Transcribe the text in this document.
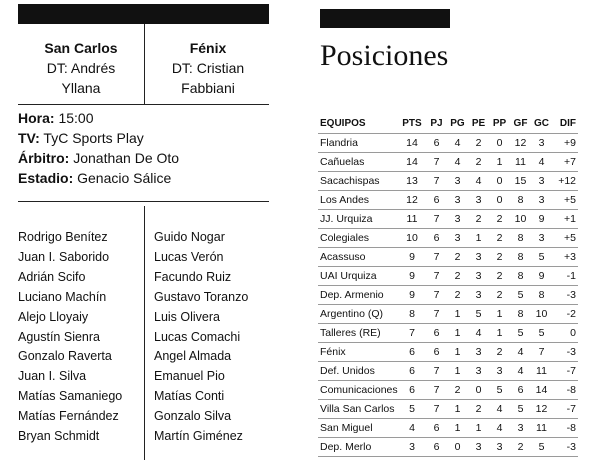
San Carlos
DT: Andrés
Yllana
Fénix
DT: Cristian
Fabbiani
Hora: 15:00
TV: TyC Sports Play
Árbitro: Jonathan De Oto
Estadio: Genacio Sálice
Rodrigo Benítez
Juan I. Saborido
Adrián Scifo
Luciano Machín
Alejo Lloyaiy
Agustín Sienra
Gonzalo Raverta
Juan I. Silva
Matías Samaniego
Matías Fernández
Bryan Schmidt
Guido Nogar
Lucas Verón
Facundo Ruiz
Gustavo Toranzo
Luis Olivera
Lucas Comachi
Angel Almada
Emanuel Pio
Matías Conti
Gonzalo Silva
Martín Giménez
Posiciones
EQUIPOS	PTS	PJ	PG	PE	PP	GF	GC	DIF
Flandria	14	6	4	2	0	12	3	+9
Cañuelas	14	7	4	2	1	11	4	+7
Sacachispas	13	7	3	4	0	15	3	+12
Los Andes	12	6	3	3	0	8	3	+5
JJ. Urquiza	11	7	3	2	2	10	9	+1
Colegiales	10	6	3	1	2	8	3	+5
Acassuso	9	7	2	3	2	8	5	+3
UAI Urquiza	9	7	2	3	2	8	9	-1
Dep. Armenio	9	7	2	3	2	5	8	-3
Argentino (Q)	8	7	1	5	1	8	10	-2
Talleres (RE)	7	6	1	4	1	5	5	0
Fénix	6	6	1	3	2	4	7	-3
Def. Unidos	6	7	1	3	3	4	11	-7
Comunicaciones	6	7	2	0	5	6	14	-8
Villa San Carlos	5	7	1	2	4	5	12	-7
San Miguel	4	6	1	1	4	3	11	-8
Dep. Merlo	3	6	0	3	3	2	5	-3
